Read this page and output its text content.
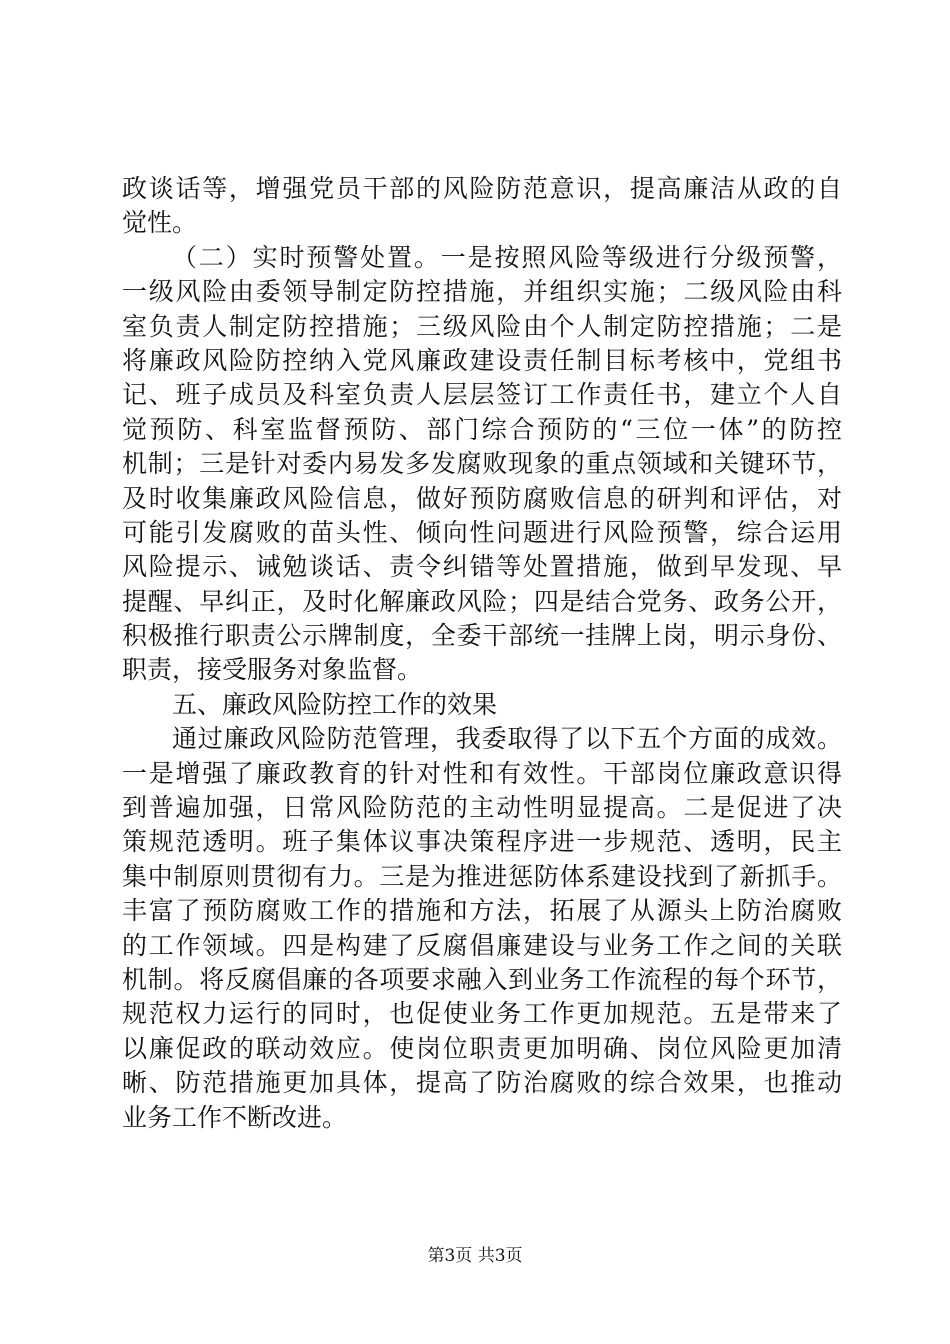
政谈话等，增强党员干部的风险防范意识，提高廉洁从政的自
觉性。
（二）实时预警处置。一是按照风险等级进行分级预警，
一级风险由委领导制定防控措施，并组织实施；二级风险由科
室负责人制定防控措施；三级风险由个人制定防控措施；二是
将廉政风险防控纳入党风廉政建设责任制目标考核中，党组书
记、班子成员及科室负责人层层签订工作责任书，建立个人自
觉预防、科室监督预防、部门综合预防的“三位一体”的防控
机制；三是针对委内易发多发腐败现象的重点领域和关键环节，
及时收集廉政风险信息，做好预防腐败信息的研判和评估，对
可能引发腐败的苗头性、倾向性问题进行风险预警，综合运用
风险提示、诫勉谈话、责令纠错等处置措施，做到早发现、早
提醒、早纠正，及时化解廉政风险；四是结合党务、政务公开，
积极推行职责公示牌制度，全委干部统一挂牌上岗，明示身份、
职责，接受服务对象监督。
五、廉政风险防控工作的效果
通过廉政风险防范管理，我委取得了以下五个方面的成效。
一是增强了廉政教育的针对性和有效性。干部岗位廉政意识得
到普遍加强，日常风险防范的主动性明显提高。二是促进了决
策规范透明。班子集体议事决策程序进一步规范、透明，民主
集中制原则贯彻有力。三是为推进惩防体系建设找到了新抓手。
丰富了预防腐败工作的措施和方法，拓展了从源头上防治腐败
的工作领域。四是构建了反腐倡廉建设与业务工作之间的关联
机制。将反腐倡廉的各项要求融入到业务工作流程的每个环节，
规范权力运行的同时，也促使业务工作更加规范。五是带来了
以廉促政的联动效应。使岗位职责更加明确、岗位风险更加清
晰、防范措施更加具体，提高了防治腐败的综合效果，也推动
业务工作不断改进。
第3页 共3页
